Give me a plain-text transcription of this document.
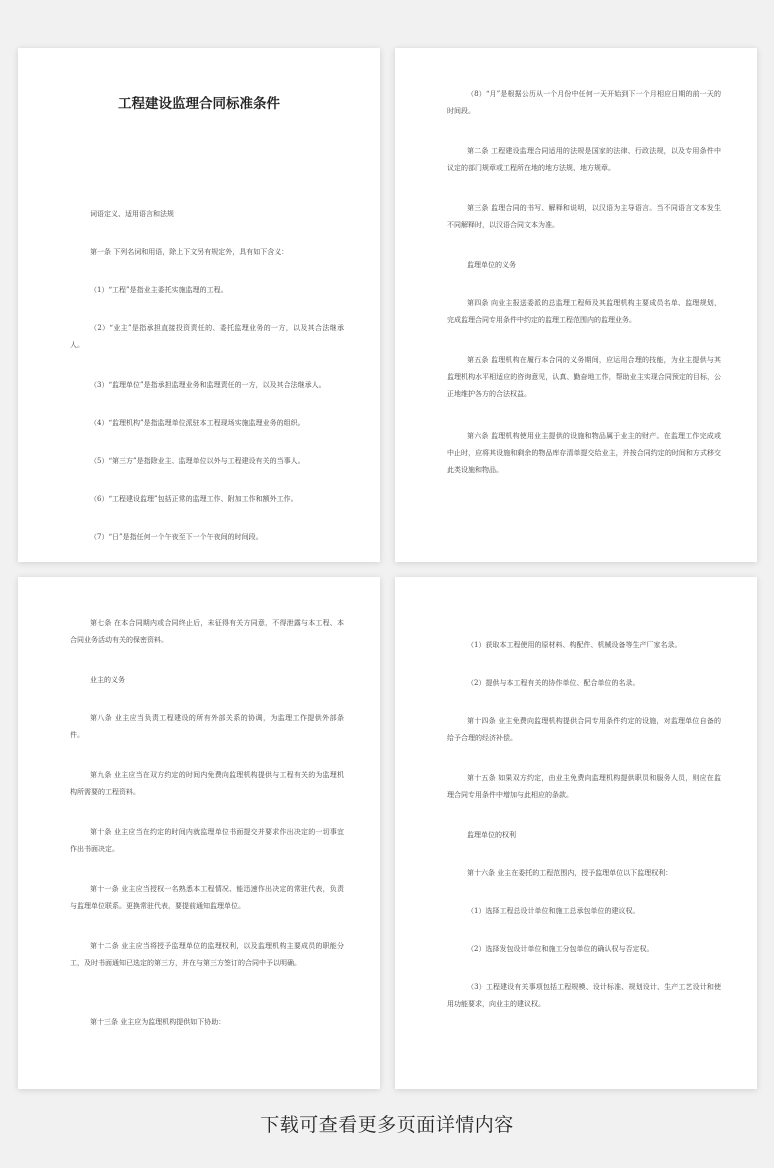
工程建设监理合同标准条件

词语定义、适用语言和法规

第一条 下列名词和用语，除上下文另有规定外，具有如下含义：

（1）“工程”是指业主委托实施监理的工程。

（2）“业主”是指承担直接投资责任的、委托监理业务的一方，以及其合法继承人。

（3）“监理单位”是指承担监理业务和监理责任的一方，以及其合法继承人。

（4）“监理机构”是指监理单位派驻本工程现场实施监理业务的组织。

（5）“第三方”是指除业主、监理单位以外与工程建设有关的当事人。

（6）“工程建设监理”包括正常的监理工作、附加工作和额外工作。

（7）“日”是指任何一个午夜至下一个午夜间的时间段。

（8）“月”是根据公历从一个月份中任何一天开始到下一个月相应日期的前一天的时间段。

第二条 工程建设监理合同适用的法规是国家的法律、行政法规，以及专用条件中议定的部门规章或工程所在地的地方法规、地方规章。

第三条 监理合同的书写、解释和说明，以汉语为主导语言。当不同语言文本发生不同解释时，以汉语合同文本为准。

监理单位的义务

第四条 向业主报送委派的总监理工程师及其监理机构主要成员名单、监理规划，完成监理合同专用条件中约定的监理工程范围内的监理业务。

第五条 监理机构在履行本合同的义务期间，应运用合理的技能，为业主提供与其监理机构水平相适应的咨询意见，认真、勤奋地工作，帮助业主实现合同预定的目标，公正地维护各方的合法权益。

第六条 监理机构使用业主提供的设施和物品属于业主的财产。在监理工作完成或中止时，应将其设施和剩余的物品库存清单提交给业主，并按合同约定的时间和方式移交此类设施和物品。

第七条 在本合同期内或合同终止后，未征得有关方同意，不得泄露与本工程、本合同业务活动有关的保密资料。

业主的义务

第八条 业主应当负责工程建设的所有外部关系的协调，为监理工作提供外部条件。

第九条 业主应当在双方约定的时间内免费向监理机构提供与工程有关的为监理机构所需要的工程资料。

第十条 业主应当在约定的时间内就监理单位书面提交并要求作出决定的一切事宜作出书面决定。

第十一条 业主应当授权一名熟悉本工程情况、能迅速作出决定的常驻代表，负责与监理单位联系。更换常驻代表，要提前通知监理单位。

第十二条 业主应当将授予监理单位的监理权利，以及监理机构主要成员的职能分工，及时书面通知已选定的第三方，并在与第三方签订的合同中予以明确。

第十三条 业主应为监理机构提供如下协助：

（1）获取本工程使用的原材料、构配件、机械设备等生产厂家名录。

（2）提供与本工程有关的协作单位、配合单位的名录。

第十四条 业主免费向监理机构提供合同专用条件约定的设施，对监理单位自备的给予合理的经济补偿。

第十五条 如果双方约定，由业主免费向监理机构提供职员和服务人员，则应在监理合同专用条件中增加与此相应的条款。

监理单位的权利

第十六条 业主在委托的工程范围内，授予监理单位以下监理权利：

（1）选择工程总设计单位和施工总承包单位的建议权。

（2）选择发包设计单位和施工分包单位的确认权与否定权。

（3）工程建设有关事项包括工程规模、设计标准、规划设计、生产工艺设计和使用功能要求，向业主的建议权。

下载可查看更多页面详情内容
